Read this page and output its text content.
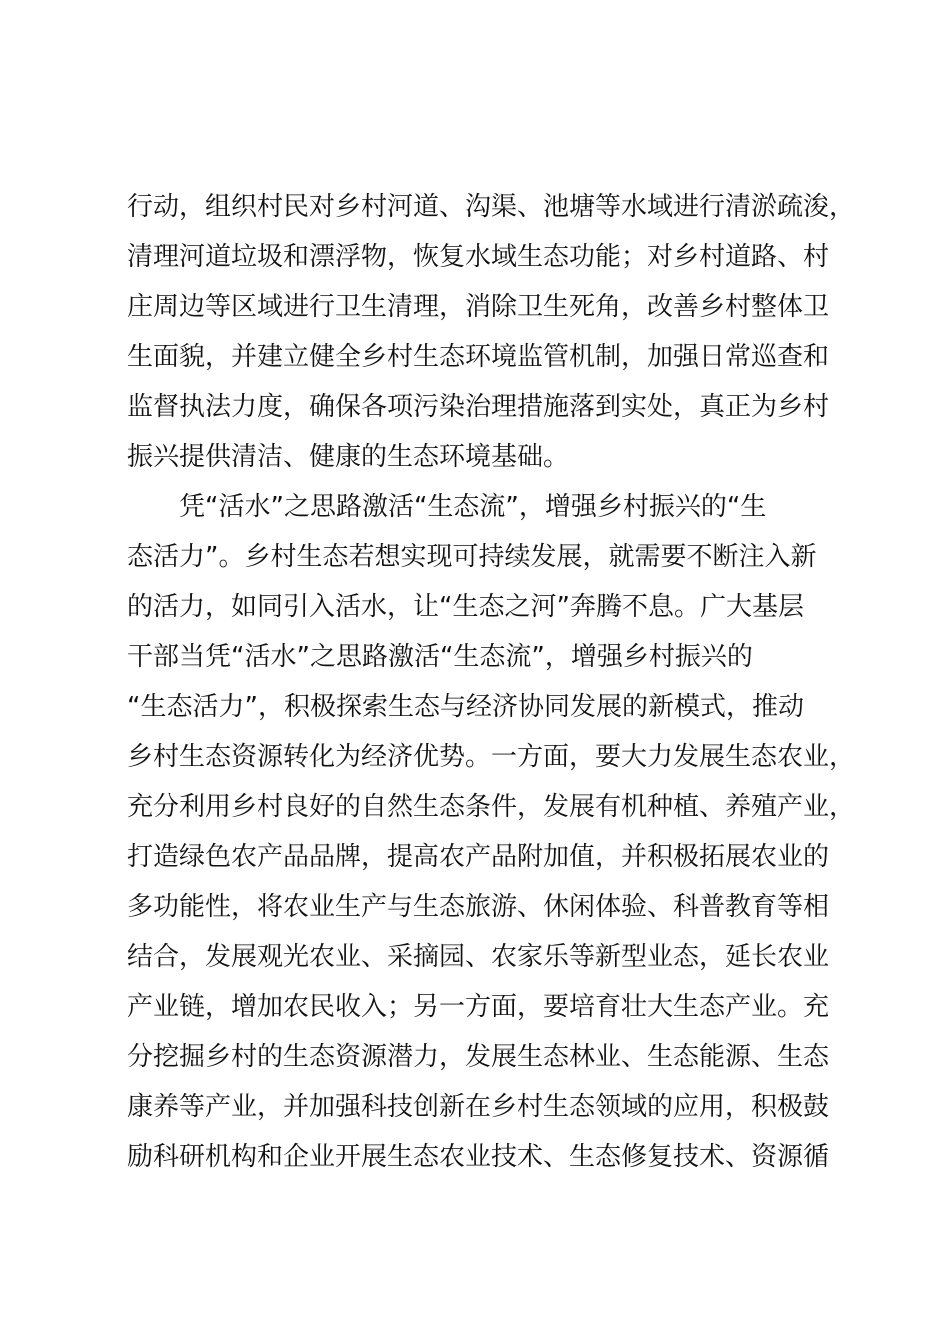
行动，组织村民对乡村河道、沟渠、池塘等水域进行清淤疏浚，
清理河道垃圾和漂浮物，恢复水域生态功能；对乡村道路、村
庄周边等区域进行卫生清理，消除卫生死角，改善乡村整体卫
生面貌，并建立健全乡村生态环境监管机制，加强日常巡查和
监督执法力度，确保各项污染治理措施落到实处，真正为乡村
振兴提供清洁、健康的生态环境基础。
　　凭“活水”之思路激活“生态流”，增强乡村振兴的“生
态活力”。乡村生态若想实现可持续发展，就需要不断注入新
的活力，如同引入活水，让“生态之河”奔腾不息。广大基层
干部当凭“活水”之思路激活“生态流”，增强乡村振兴的
“生态活力”，积极探索生态与经济协同发展的新模式，推动
乡村生态资源转化为经济优势。一方面，要大力发展生态农业，
充分利用乡村良好的自然生态条件，发展有机种植、养殖产业，
打造绿色农产品品牌，提高农产品附加值，并积极拓展农业的
多功能性，将农业生产与生态旅游、休闲体验、科普教育等相
结合，发展观光农业、采摘园、农家乐等新型业态，延长农业
产业链，增加农民收入；另一方面，要培育壮大生态产业。充
分挖掘乡村的生态资源潜力，发展生态林业、生态能源、生态
康养等产业，并加强科技创新在乡村生态领域的应用，积极鼓
励科研机构和企业开展生态农业技术、生态修复技术、资源循
